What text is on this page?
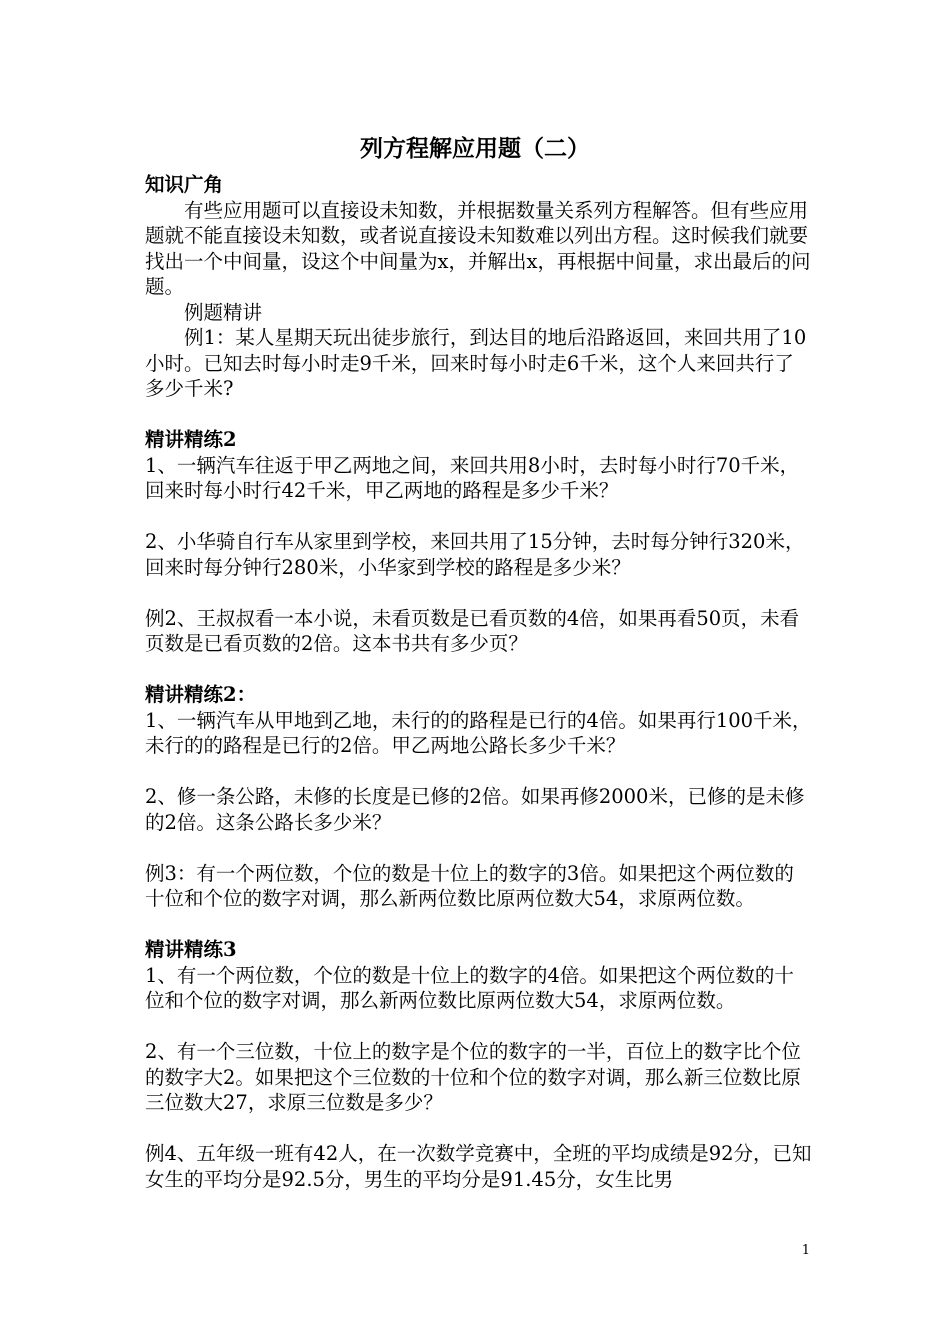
列方程解应用题（二）

知识广角

有些应用题可以直接设未知数，并根据数量关系列方程解答。但有些应用题就不能直接设未知数，或者说直接设未知数难以列出方程。这时候我们就要找出一个中间量，设这个中间量为x，并解出x，再根据中间量，求出最后的问题。

例题精讲

例1：某人星期天玩出徒步旅行，到达目的地后沿路返回，来回共用了10小时。已知去时每小时走9千米，回来时每小时走6千米，这个人来回共行了多少千米?

精讲精练2

1、一辆汽车往返于甲乙两地之间，来回共用8小时，去时每小时行70千米，回来时每小时行42千米，甲乙两地的路程是多少千米？

2、小华骑自行车从家里到学校，来回共用了15分钟，去时每分钟行320米，回来时每分钟行280米，小华家到学校的路程是多少米？

例2、王叔叔看一本小说，未看页数是已看页数的4倍，如果再看50页，未看页数是已看页数的2倍。这本书共有多少页？

精讲精练2：

1、一辆汽车从甲地到乙地，未行的的路程是已行的4倍。如果再行100千米，未行的的路程是已行的2倍。甲乙两地公路长多少千米？

2、修一条公路，未修的长度是已修的2倍。如果再修2000米，已修的是未修的2倍。这条公路长多少米？

例3：有一个两位数，个位的数是十位上的数字的3倍。如果把这个两位数的十位和个位的数字对调，那么新两位数比原两位数大54，求原两位数。

精讲精练3

1、有一个两位数，个位的数是十位上的数字的4倍。如果把这个两位数的十位和个位的数字对调，那么新两位数比原两位数大54，求原两位数。

2、有一个三位数，十位上的数字是个位的数字的一半，百位上的数字比个位的数字大2。如果把这个三位数的十位和个位的数字对调，那么新三位数比原三位数大27，求原三位数是多少？

例4、五年级一班有42人，在一次数学竞赛中，全班的平均成绩是92分，已知女生的平均分是92.5分，男生的平均分是91.45分，女生比男

1
